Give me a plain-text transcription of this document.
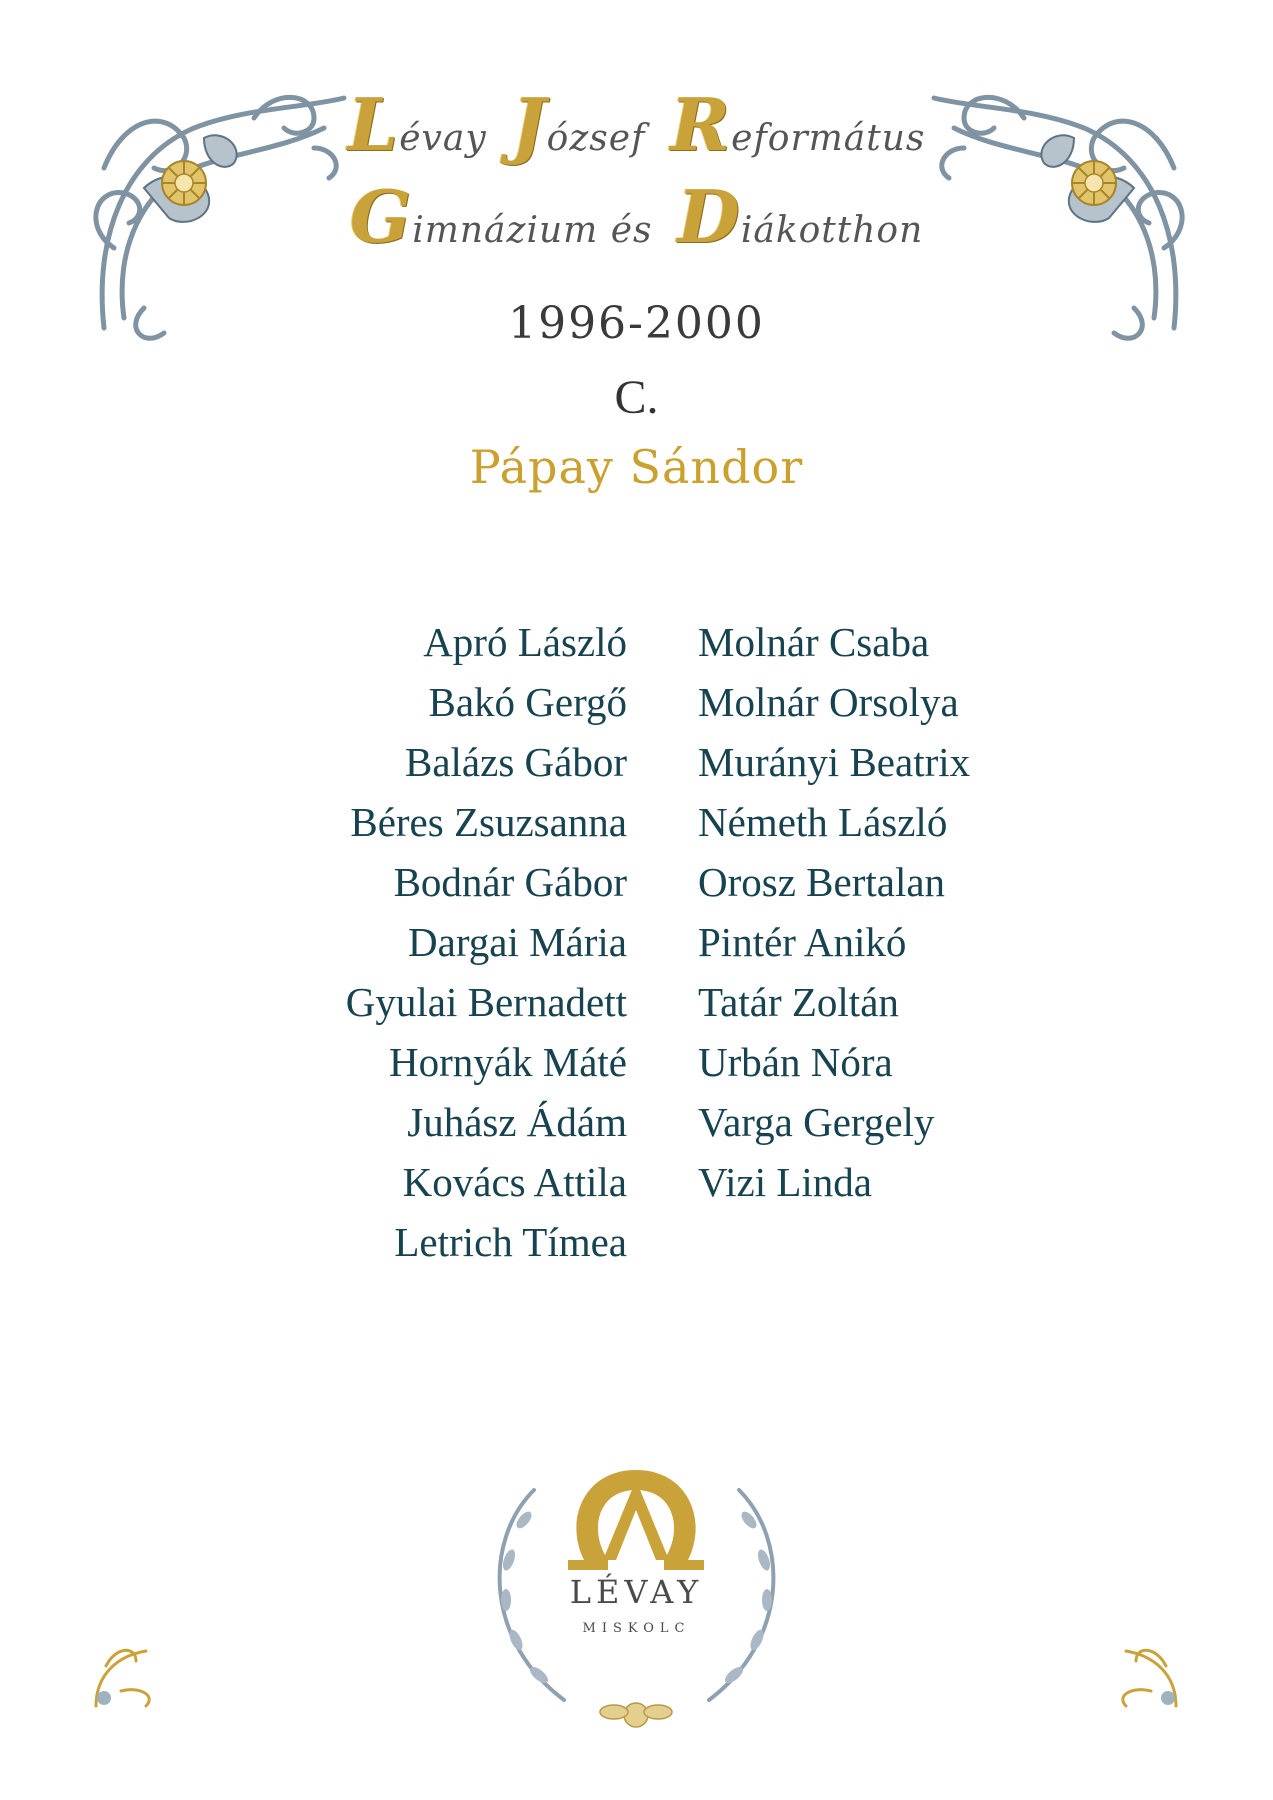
Lévay József Református
Gimnázium és Diákotthon
1996-2000
C.
Pápay Sándor
Apró László
Bakó Gergő
Balázs Gábor
Béres Zsuzsanna
Bodnár Gábor
Dargai Mária
Gyulai Bernadett
Hornyák Máté
Juhász Ádám
Kovács Attila
Letrich Tímea
Molnár Csaba
Molnár Orsolya
Murányi Beatrix
Németh László
Orosz Bertalan
Pintér Anikó
Tatár Zoltán
Urbán Nóra
Varga Gergely
Vizi Linda
LÉVAY
MISKOLC
